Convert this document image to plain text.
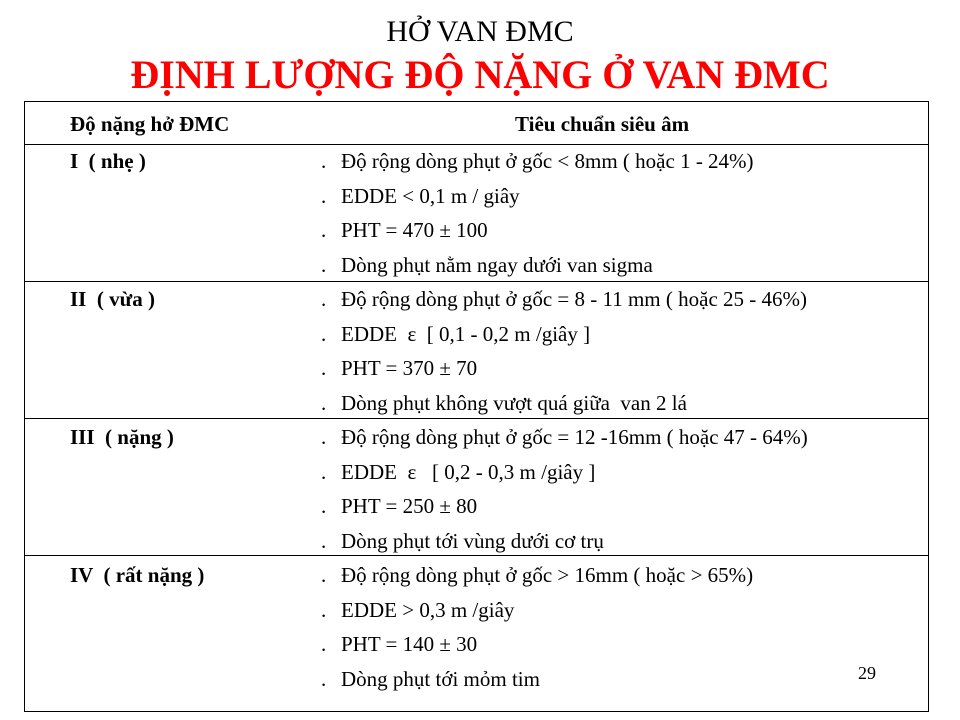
HỞ VAN ĐMC
ĐỊNH LƯỢNG ĐỘ NẶNG Ở VAN ĐMC
Độ nặng hở ĐMC	Tiêu chuẩn siêu âm
I  ( nhẹ )	. Độ rộng dòng phụt ở gốc < 8mm ( hoặc 1 - 24%)
. EDDE < 0,1 m / giây
. PHT = 470 ± 100
. Dòng phụt nằm ngay dưới van sigma
II  ( vừa )	. Độ rộng dòng phụt ở gốc = 8 - 11 mm ( hoặc 25 - 46%)
. EDDE  ε  [ 0,1 - 0,2 m /giây ]
. PHT = 370 ± 70
. Dòng phụt không vượt quá giữa  van 2 lá
III  ( nặng )	. Độ rộng dòng phụt ở gốc = 12 -16mm ( hoặc 47 - 64%)
. EDDE  ε   [ 0,2 - 0,3 m /giây ]
. PHT = 250 ± 80
. Dòng phụt tới vùng dưới cơ trụ
IV  ( rất nặng )	. Độ rộng dòng phụt ở gốc > 16mm ( hoặc > 65%)
. EDDE > 0,3 m /giây
. PHT = 140 ± 30
. Dòng phụt tới mỏm tim	29
